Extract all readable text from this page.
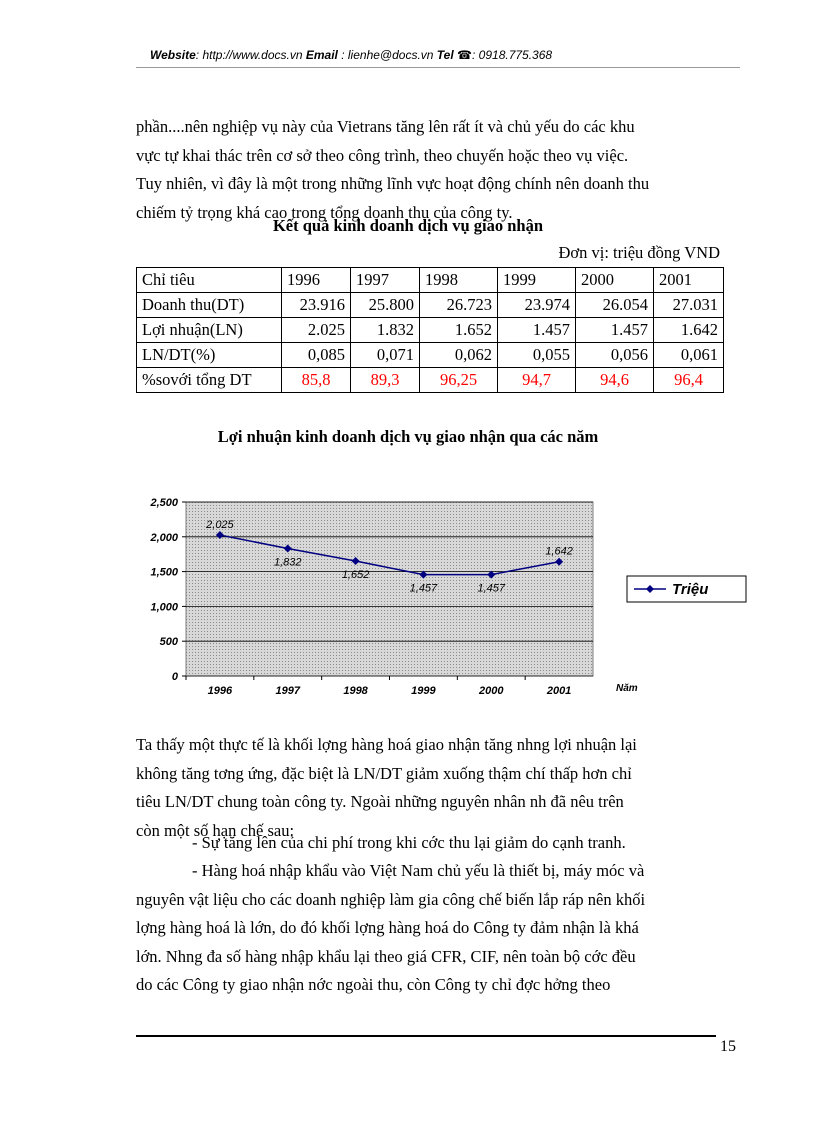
Website: http://www.docs.vn Email : lienhe@docs.vn Tel ☎: 0918.775.368
phần....nên nghiệp vụ này của Vietrans tăng lên rất ít và chủ yếu do các khu
vực tự khai thác trên cơ sở theo công trình, theo chuyến hoặc theo vụ việc.
Tuy nhiên, vì đây là một trong những lĩnh vực hoạt động chính nên doanh thu
chiếm tỷ trọng khá cao trong tổng doanh thu của công ty.
Kết quả kinh doanh dịch vụ giao nhận
Đơn vị: triệu đồng VND
Chỉ tiêu	1996	1997	1998	1999	2000	2001
Doanh thu(DT)	23.916	25.800	26.723	23.974	26.054	27.031
Lợi nhuận(LN)	2.025	1.832	1.652	1.457	1.457	1.642
LN/DT(%)	0,085	0,071	0,062	0,055	0,056	0,061
%sovới tổng DT	85,8	89,3	96,25	94,7	94,6	96,4
Lợi nhuận kinh doanh dịch vụ giao nhận qua các năm
0
500
1,000
1,500
2,000
2,500
1996	1997	1998	1999	2000	2001
2,025
1,832
1,652
1,457	1,457
1,642
Năm
Triệu
Ta thấy một thực tế là khối lợng hàng hoá giao nhận tăng nhng lợi nhuận lại
không tăng tơng ứng, đặc biệt là LN/DT giảm xuống thậm chí thấp hơn chỉ
tiêu LN/DT chung toàn công ty. Ngoài những nguyên nhân nh đã nêu trên
còn một số hạn chế sau:
- Sự tăng lên của chi phí trong khi cớc thu lại giảm do cạnh tranh.
- Hàng hoá nhập khẩu vào Việt Nam chủ yếu là thiết bị, máy móc và
nguyên vật liệu cho các doanh nghiệp làm gia công chế biến lắp ráp nên khối
lợng hàng hoá là lớn, do đó khối lợng hàng hoá do Công ty đảm nhận là khá
lớn. Nhng đa số hàng nhập khẩu lại theo giá CFR, CIF, nên toàn bộ cớc đều
do các Công ty giao nhận nớc ngoài thu, còn Công ty chỉ đợc hởng theo
15
